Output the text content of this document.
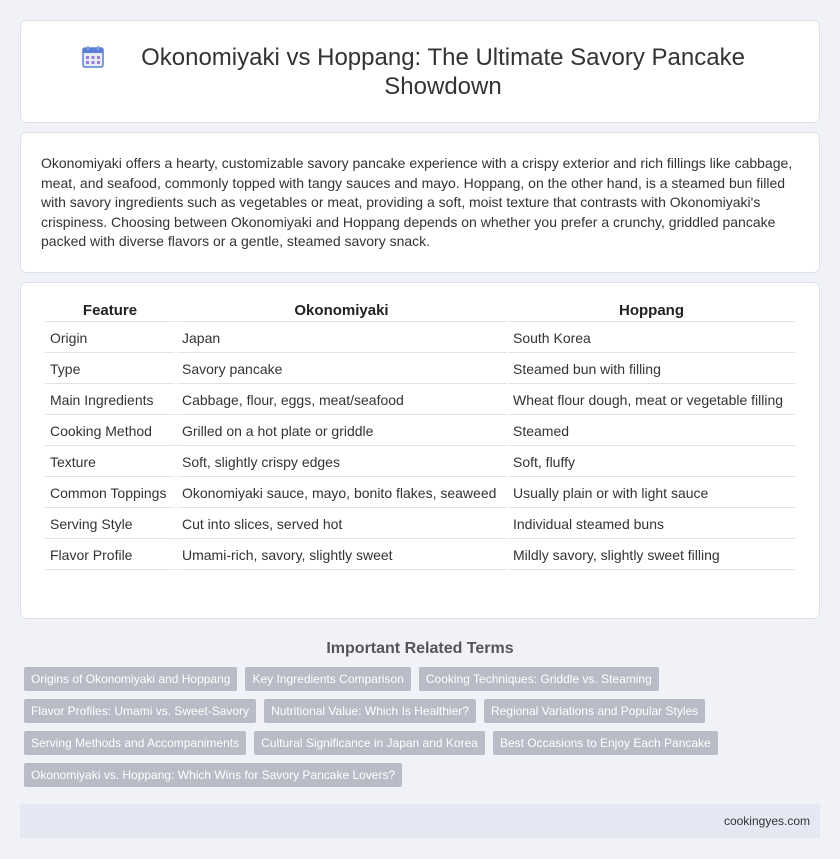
Okonomiyaki vs Hoppang: The Ultimate Savory Pancake Showdown

Okonomiyaki offers a hearty, customizable savory pancake experience with a crispy exterior and rich fillings like cabbage, meat, and seafood, commonly topped with tangy sauces and mayo. Hoppang, on the other hand, is a steamed bun filled with savory ingredients such as vegetables or meat, providing a soft, moist texture that contrasts with Okonomiyaki's crispiness. Choosing between Okonomiyaki and Hoppang depends on whether you prefer a crunchy, griddled pancake packed with diverse flavors or a gentle, steamed savory snack.

Feature	Okonomiyaki	Hoppang
Origin	Japan	South Korea
Type	Savory pancake	Steamed bun with filling
Main Ingredients	Cabbage, flour, eggs, meat/seafood	Wheat flour dough, meat or vegetable filling
Cooking Method	Grilled on a hot plate or griddle	Steamed
Texture	Soft, slightly crispy edges	Soft, fluffy
Common Toppings	Okonomiyaki sauce, mayo, bonito flakes, seaweed	Usually plain or with light sauce
Serving Style	Cut into slices, served hot	Individual steamed buns
Flavor Profile	Umami-rich, savory, slightly sweet	Mildly savory, slightly sweet filling
Important Related Terms
Origins of Okonomiyaki and Hoppang	Key Ingredients Comparison	Cooking Techniques: Griddle vs. Steaming
Flavor Profiles: Umami vs. Sweet-Savory	Nutritional Value: Which Is Healthier?	Regional Variations and Popular Styles
Serving Methods and Accompaniments	Cultural Significance in Japan and Korea	Best Occasions to Enjoy Each Pancake
Okonomiyaki vs. Hoppang: Which Wins for Savory Pancake Lovers?
cookingyes.com
